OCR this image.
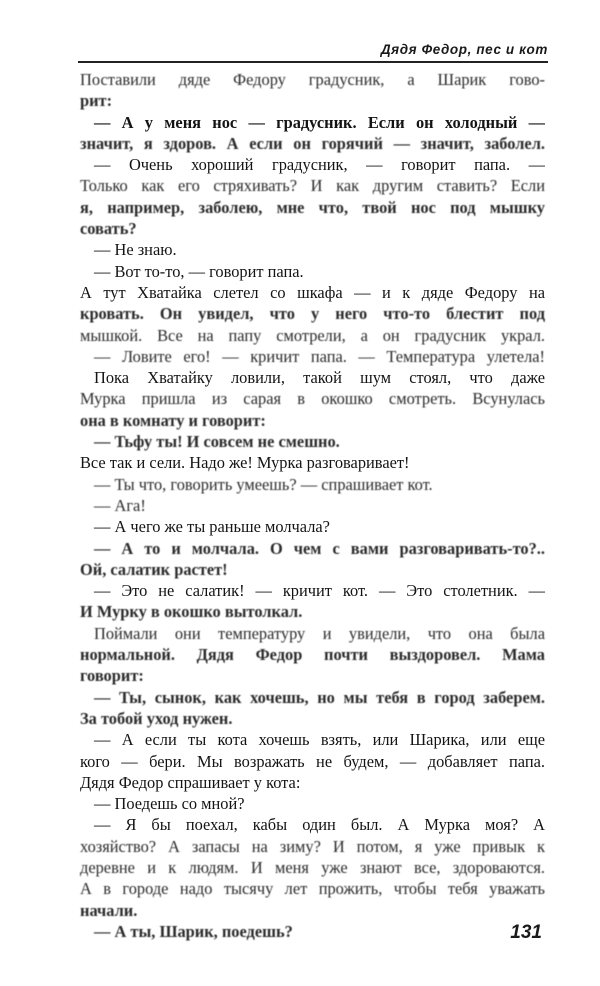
Дядя Федор, пес и кот
Поставили дяде Федору градусник, а Шарик гово-
рит:
— А у меня нос — градусник. Если он холодный —
значит, я здоров. А если он горячий — значит, заболел.
— Очень хороший градусник, — говорит папа. —
Только как его стряхивать? И как другим ставить? Если
я, например, заболею, мне что, твой нос под мышку
совать?
— Не знаю.
— Вот то-то, — говорит папа.
А тут Хватайка слетел со шкафа — и к дяде Федору на
кровать. Он увидел, что у него что-то блестит под
мышкой. Все на папу смотрели, а он градусник украл.
— Ловите его! — кричит папа. — Температура улетела!
Пока Хватайку ловили, такой шум стоял, что даже
Мурка пришла из сарая в окошко смотреть. Всунулась
она в комнату и говорит:
— Тьфу ты! И совсем не смешно.
Все так и сели. Надо же! Мурка разговаривает!
— Ты что, говорить умеешь? — спрашивает кот.
— Ага!
— А чего же ты раньше молчала?
— А то и молчала. О чем с вами разговаривать-то?..
Ой, салатик растет!
— Это не салатик! — кричит кот. — Это столетник. —
И Мурку в окошко вытолкал.
Поймали они температуру и увидели, что она была
нормальной. Дядя Федор почти выздоровел. Мама
говорит:
— Ты, сынок, как хочешь, но мы тебя в город заберем.
За тобой уход нужен.
— А если ты кота хочешь взять, или Шарика, или еще
кого — бери. Мы возражать не будем, — добавляет папа.
Дядя Федор спрашивает у кота:
— Поедешь со мной?
— Я бы поехал, кабы один был. А Мурка моя? А
хозяйство? А запасы на зиму? И потом, я уже привык к
деревне и к людям. И меня уже знают все, здороваются.
А в городе надо тысячу лет прожить, чтобы тебя уважать
начали.
— А ты, Шарик, поедешь?	131
